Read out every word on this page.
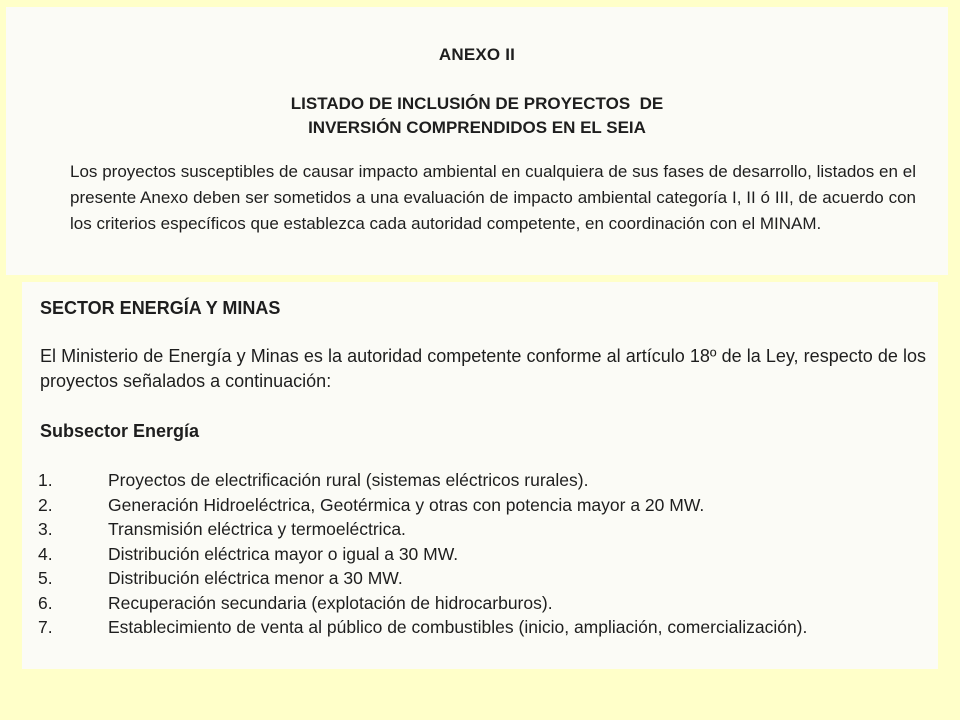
ANEXO II
LISTADO DE INCLUSIÓN DE PROYECTOS  DE
INVERSIÓN COMPRENDIDOS EN EL SEIA
Los proyectos susceptibles de causar impacto ambiental en cualquiera de sus fases de desarrollo, listados en el presente Anexo deben ser sometidos a una evaluación de impacto ambiental categoría I, II ó III, de acuerdo con los criterios específicos que establezca cada autoridad competente, en coordinación con el MINAM.
SECTOR ENERGÍA Y MINAS
El Ministerio de Energía y Minas es la autoridad competente conforme al artículo 18º de la Ley, respecto de los proyectos señalados a continuación:
Subsector Energía
1.	Proyectos de electrificación rural (sistemas eléctricos rurales).
2.	Generación Hidroeléctrica, Geotérmica y otras con potencia mayor a 20 MW.
3.	Transmisión eléctrica y termoeléctrica.
4.	Distribución eléctrica mayor o igual a 30 MW.
5.	Distribución eléctrica menor a 30 MW.
6.	Recuperación secundaria (explotación de hidrocarburos).
7.	Establecimiento de venta al público de combustibles (inicio, ampliación, comercialización).
